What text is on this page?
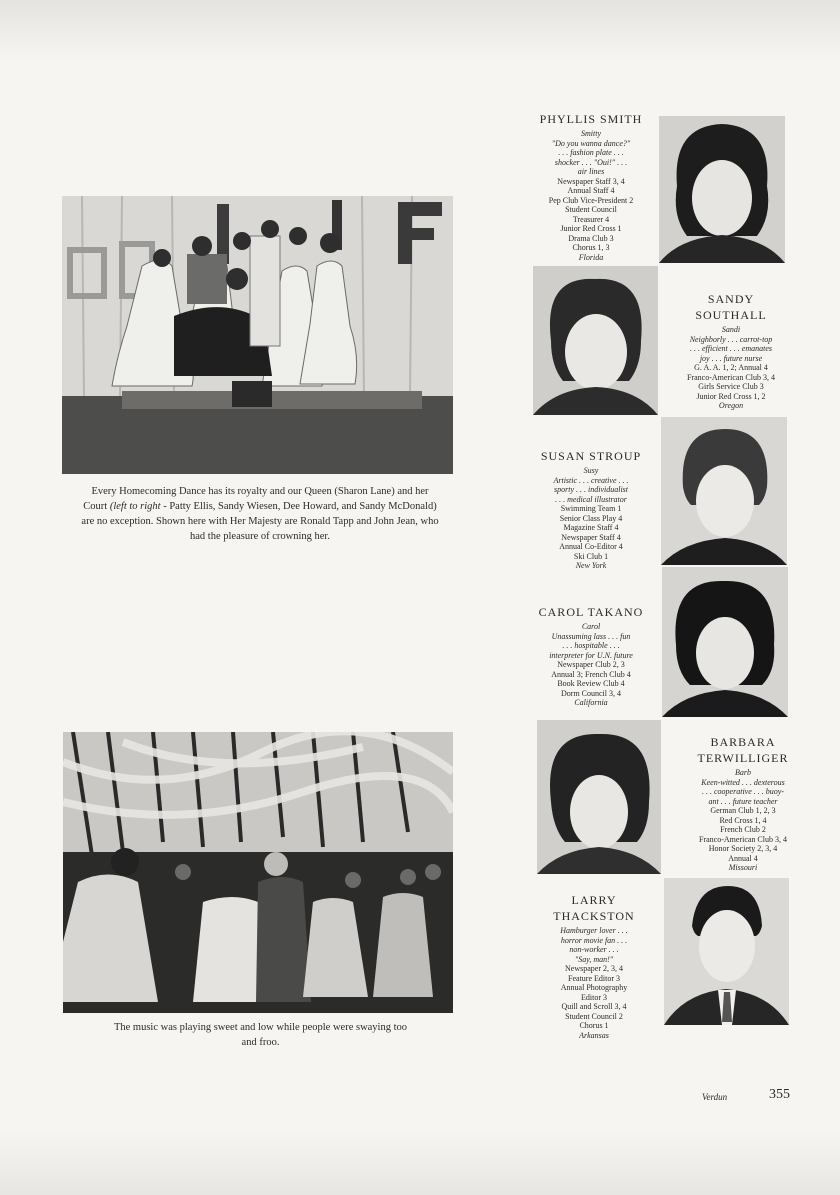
Every Homecoming Dance has its royalty and our Queen (Sharon Lane) and her Court (left to right - Patty Ellis, Sandy Wiesen, Dee Howard, and Sandy McDonald) are no exception. Shown here with Her Majesty are Ronald Tapp and John Jean, who had the pleasure of crowning her.
The music was playing sweet and low while people were swaying too and froo.
PHYLLIS SMITH
Smitty
"Do you wanna dance?"
. . . fashion plate . . .
shocker . . . "Oui!" . . .
air lines
Newspaper Staff 3, 4
Annual Staff 4
Pep Club Vice-President 2
Student Council
Treasurer 4
Junior Red Cross 1
Drama Club 3
Chorus 1, 3
Florida
SANDY
SOUTHALL
Sandi
Neighborly . . . carrot-top
. . . efficient . . . emanates
joy . . . future nurse
G. A. A. 1, 2; Annual 4
Franco-American Club 3, 4
Girls Service Club 3
Junior Red Cross 1, 2
Oregon
SUSAN STROUP
Susy
Artistic . . . creative . . .
sporty . . . individualist
. . . medical illustrator
Swimming Team 1
Senior Class Play 4
Magazine Staff 4
Newspaper Staff 4
Annual Co-Editor 4
Ski Club 1
New York
CAROL TAKANO
Carol
Unassuming lass . . . fun
. . . hospitable . . .
interpreter for U.N. future
Newspaper Club 2, 3
Annual 3; French Club 4
Book Review Club 4
Dorm Council 3, 4
California
BARBARA
TERWILLIGER
Barb
Keen-witted . . . dexterous
. . . cooperative . . . buoy-
ant . . . future teacher
German Club 1, 2, 3
Red Cross 1, 4
French Club 2
Franco-American Club 3, 4
Honor Society 2, 3, 4
Annual 4
Missouri
LARRY
THACKSTON
Hamburger lover . . .
horror movie fan . . .
non-worker . . .
"Say, man!"
Newspaper 2, 3, 4
Feature Editor 3
Annual Photography
Editor 3
Quill and Scroll 3, 4
Student Council 2
Chorus 1
Arkansas
Verdun	355
